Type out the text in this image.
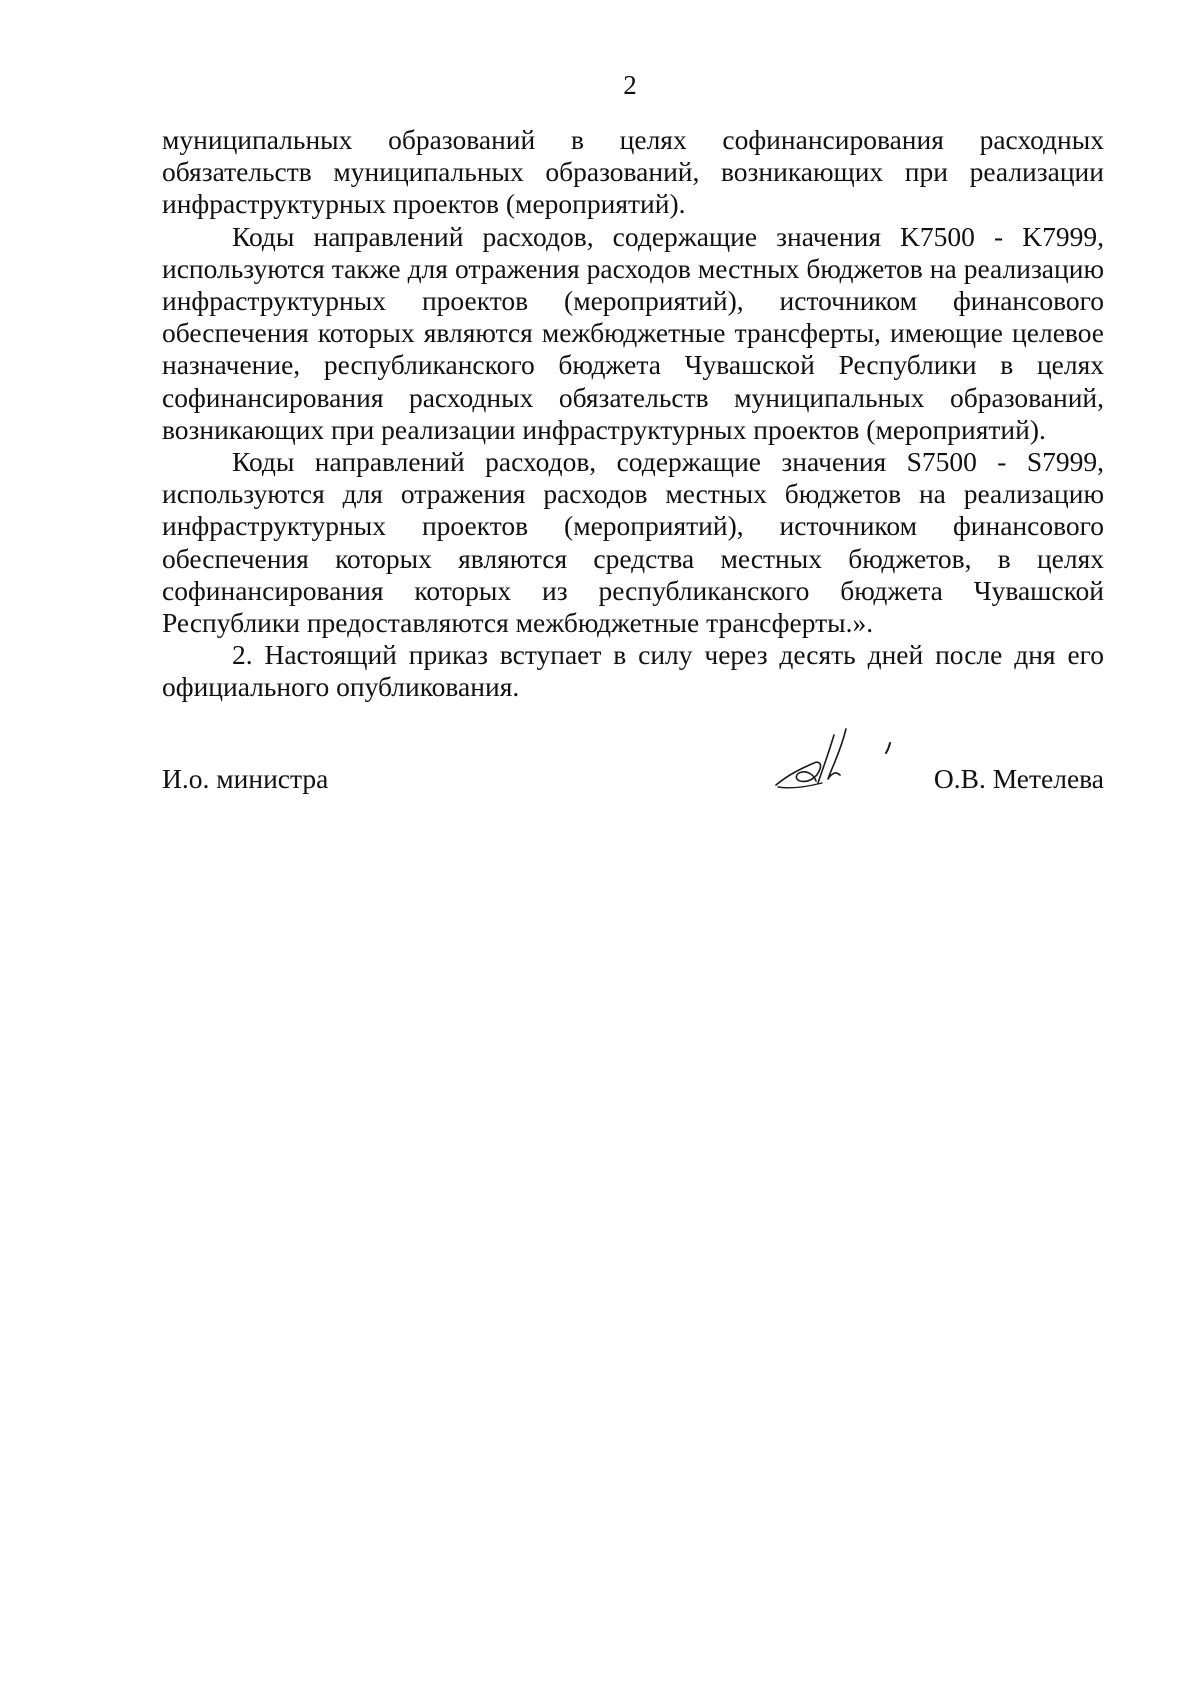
2

муниципальных образований в целях софинансирования расходных обязательств муниципальных образований, возникающих при реализации инфраструктурных проектов (мероприятий).

Коды направлений расходов, содержащие значения K7500 - K7999, используются также для отражения расходов местных бюджетов на реализацию инфраструктурных проектов (мероприятий), источником финансового обеспечения которых являются межбюджетные трансферты, имеющие целевое назначение, республиканского бюджета Чувашской Республики в целях софинансирования расходных обязательств муниципальных образований, возникающих при реализации инфраструктурных проектов (мероприятий).

Коды направлений расходов, содержащие значения S7500 - S7999, используются для отражения расходов местных бюджетов на реализацию инфраструктурных проектов (мероприятий), источником финансового обеспечения которых являются средства местных бюджетов, в целях софинансирования которых из республиканского бюджета Чувашской Республики предоставляются межбюджетные трансферты.».

2. Настоящий приказ вступает в силу через десять дней после дня его официального опубликования.

И.о. министра	О.В. Метелева
